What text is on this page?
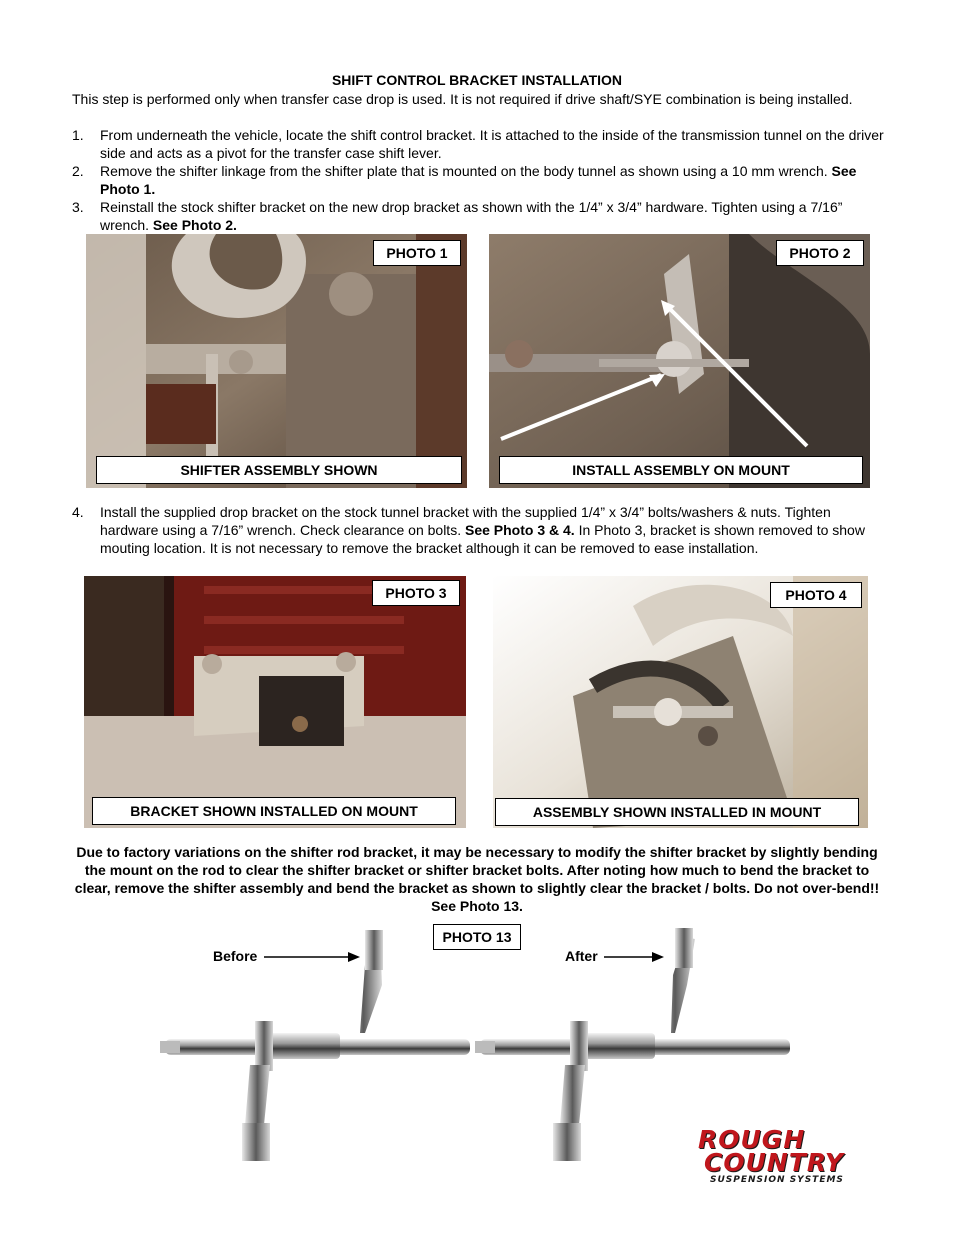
SHIFT CONTROL BRACKET INSTALLATION
This step is performed only when transfer case drop is used. It is not required if drive shaft/SYE combination is being installed.
1.	From underneath the vehicle, locate the shift control bracket. It is attached to the inside of the transmission tunnel on the driver side and acts as a pivot for the transfer case shift lever.
2.	Remove the shifter linkage from the shifter plate that is mounted on the body tunnel as shown using a 10 mm wrench. See Photo 1.
3.	Reinstall the stock shifter bracket on the new drop bracket as shown with the 1/4” x 3/4” hardware. Tighten using a 7/16” wrench. See Photo 2.
PHOTO 1
SHIFTER ASSEMBLY SHOWN
PHOTO 2
INSTALL ASSEMBLY ON MOUNT
4.	Install the supplied drop bracket on the stock tunnel bracket with the supplied 1/4” x 3/4” bolts/washers & nuts. Tighten hardware using a 7/16” wrench. Check clearance on bolts. See Photo 3 & 4. In Photo 3, bracket is shown removed to show mouting location. It is not necessary to remove the bracket although it can be removed to ease installation.
PHOTO 3
BRACKET SHOWN INSTALLED ON MOUNT
PHOTO 4
ASSEMBLY SHOWN INSTALLED IN MOUNT
Due to factory variations on the shifter rod bracket, it may be necessary to modify the shifter bracket by slightly bending the mount on the rod to clear the shifter bracket or shifter bracket bolts. After noting how much to bend the bracket to clear, remove the shifter assembly and bend the bracket as shown to slightly clear the bracket / bolts. Do not over-bend!! See Photo 13.
PHOTO 13
Before	After
ROUGH
COUNTRY
SUSPENSION SYSTEMS
